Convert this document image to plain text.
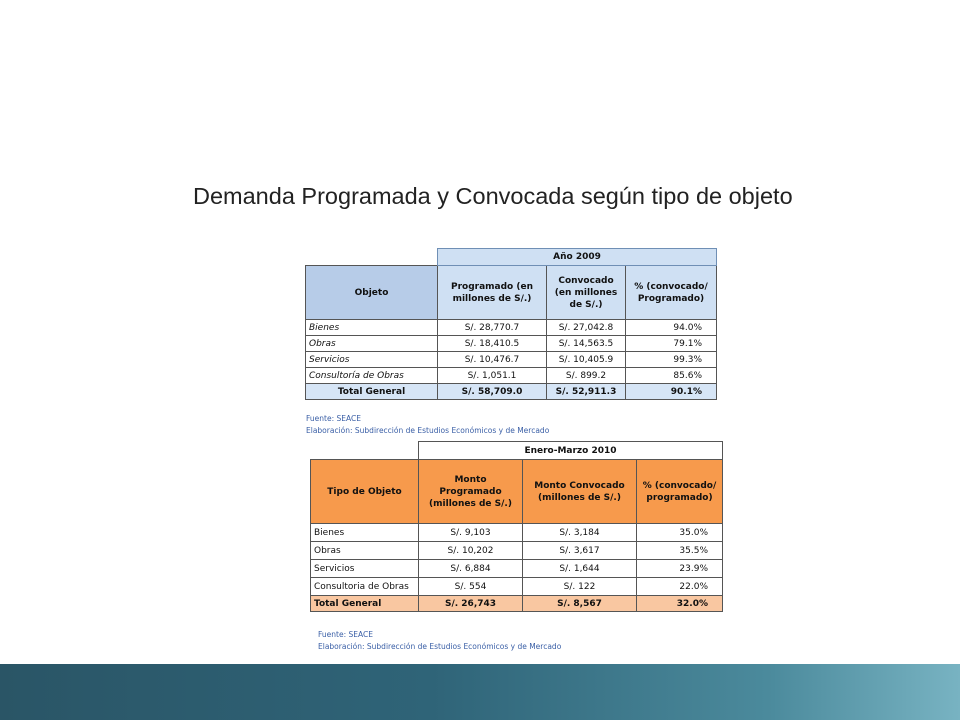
Demanda Programada y Convocada según tipo de objeto
	Año 2009		
Objeto	Programado (en millones de S/.)	Convocado (en millones de S/.)	% (convocado/ Programado)
Bienes	S/. 28,770.7	S/. 27,042.8	94.0%
Obras	S/. 18,410.5	S/. 14,563.5	79.1%
Servicios	S/. 10,476.7	S/. 10,405.9	99.3%
Consultoría de Obras	S/. 1,051.1	S/. 899.2	85.6%
Total General	S/. 58,709.0	S/. 52,911.3	90.1%
Fuente: SEACE
Elaboración: Subdirección de Estudios Económicos y de Mercado
	Enero-Marzo 2010		
Tipo de Objeto	Monto Programado (millones de S/.)	Monto Convocado (millones de S/.)	% (convocado/ programado)
Bienes	S/. 9,103	S/. 3,184	35.0%
Obras	S/. 10,202	S/. 3,617	35.5%
Servicios	S/. 6,884	S/. 1,644	23.9%
Consultoria de Obras	S/. 554	S/. 122	22.0%
Total General	S/. 26,743	S/. 8,567	32.0%
Fuente: SEACE
Elaboración: Subdirección de Estudios Económicos y de Mercado
